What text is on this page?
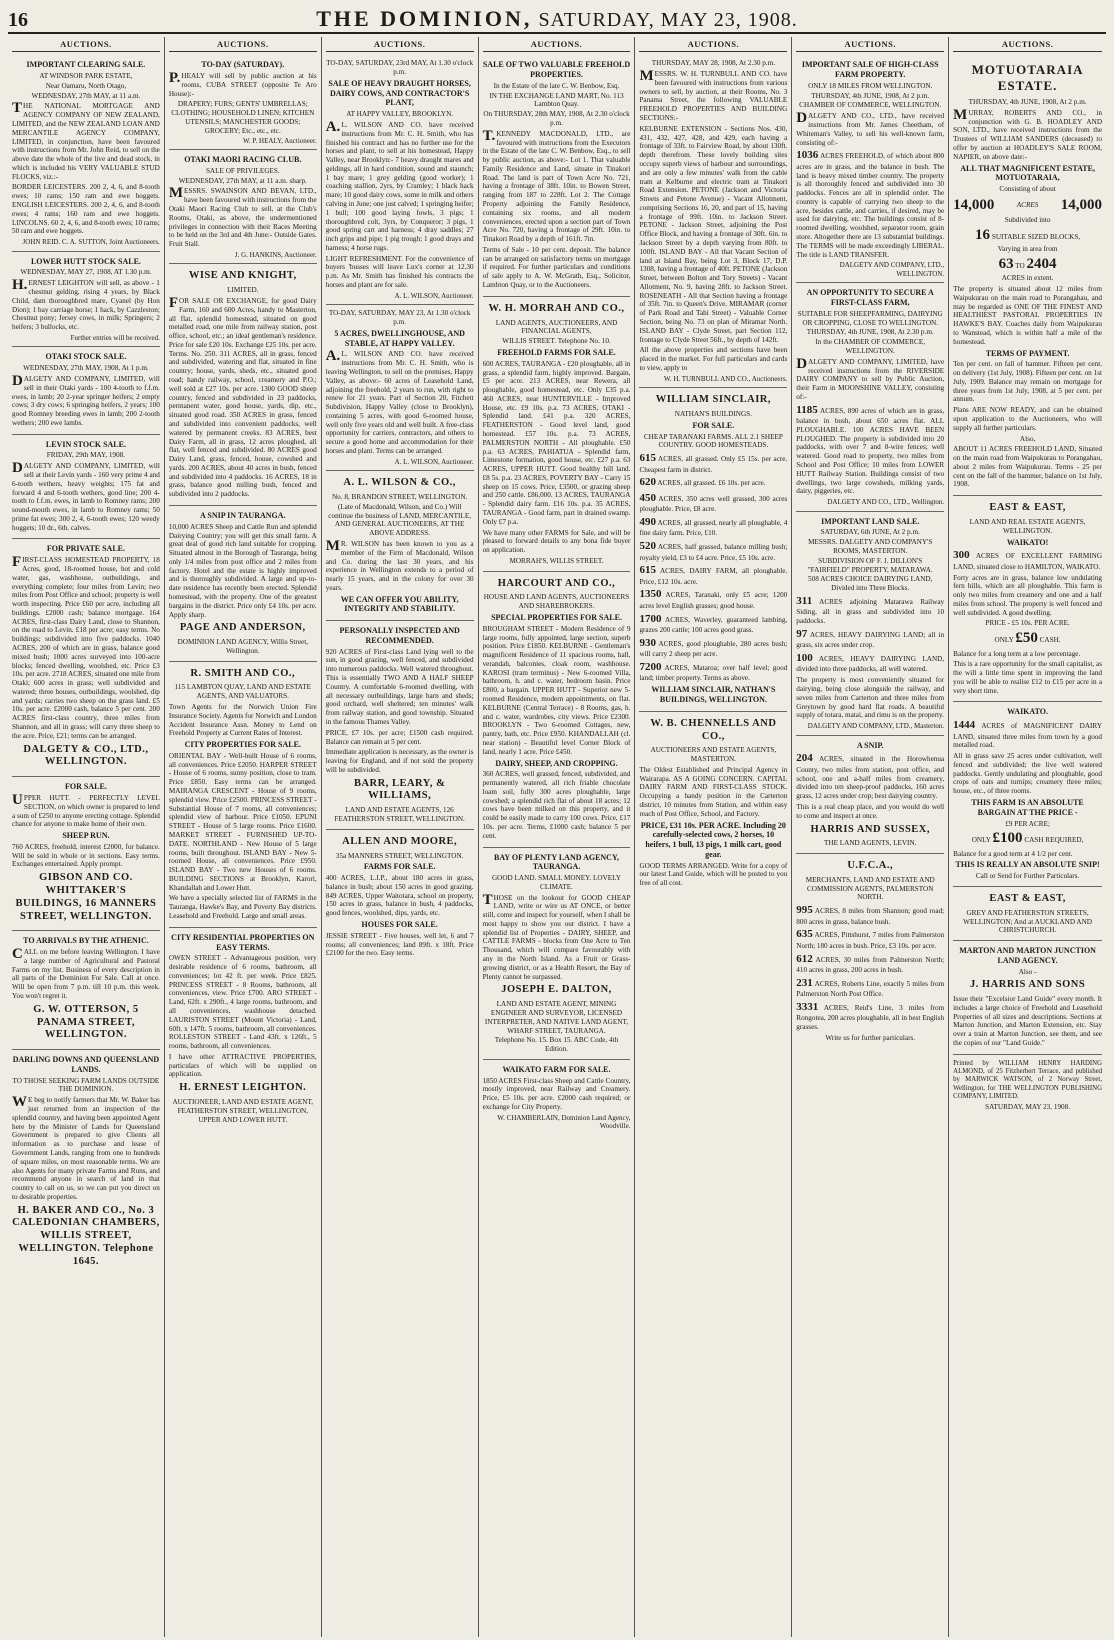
16	THE DOMINION, SATURDAY, MAY 23, 1908.
AUCTIONS.
IMPORTANT CLEARING SALE.
AT WINDSOR PARK ESTATE,
Near Oamaru, North Otago,
WEDNESDAY, 27th MAY, at 11 a.m.

THE NATIONAL MORTGAGE AND AGENCY COMPANY OF NEW ZEALAND, LIMITED, and the NEW ZEALAND LOAN AND MERCANTILE AGENCY COMPANY, LIMITED, in conjunction, have been favoured with instructions from Mr. John Reid, to sell on the above date the whole of the live and dead stock, in which is included his VERY VALUABLE STUD FLOCKS, viz.:-

BORDER LEICESTERS. 200 2, 4, 6, and 8-tooth ewes; 10 rams; 150 ram and ewe hoggets. ENGLISH LEICESTERS. 200 2, 4, 6, and 8-tooth ewes; 4 rams; 160 ram and ewe hoggets. LINCOLNS. 60 2, 4, 6, and 8-tooth ewes; 10 rams; 50 ram and ewe hoggets.

JOHN REID. C. A. SUTTON, Joint Auctioneers.
LOWER HUTT STOCK SALE.
WEDNESDAY, MAY 27, 1908, AT 1.30 p.m.

H.ERNEST LEIGHTON will sell, as above - 1 chestnut gelding, rising 4 years, by Black Child, dam thoroughbred mare, Cyanel (by Hon Dion); 1 bay carriage horse; 1 hack, by Cazzleston; Chestnut pony; Jersey cows, in milk; Springers; 2 heifers; 3 bullocks, etc.

Further entries will be received.
OTAKI STOCK SALE.
WEDNESDAY, 27th MAY, 1908, At 1 p.m.

DALGETY AND COMPANY, LIMITED, will sell in their Otaki yards - 100 4-tooth to f.f.m. ewes, in lamb; 20 2-year springer heifers; 2 empty cows; 3 dry cows; 6 springing heifers, 2 years; 100 good Romney breeding ewes in lamb; 200 2-tooth wethers; 200 ewe lambs.

LEVIN STOCK SALE.
FRIDAY, 29th MAY, 1908.

DALGETY AND COMPANY, LIMITED, will sell at their Levin yards - 160 very prime 4 and 6-tooth wethers, heavy weights; 175 fat and forward 4 and 6-tooth wethers, good line; 200 4-tooth to f.f.m. ewes, in lamb to Romney rams; 200 sound-mouth ewes, in lamb to Romney rams; 50 prime fat ewes; 300 2, 4, 6-tooth ewes; 120 weedy hoggets; 10 dr., 6th. calves.

FOR PRIVATE SALE.

FIRST-CLASS HOMESTEAD PROPERTY, 18 Acres, good, 18-roomed house, hot and cold water, gas, washhouse, outbuildings, and everything complete; four miles from Levin; two miles from Post Office and school; property is well worth inspecting. Price £60 per acre, including all buildings. £2000 cash; balance mortgage. 164 ACRES, first-class Dairy Land, close to Shannon, on the road to Levin. £18 per acre; easy terms. No buildings; subdivided into five paddocks. 1040 ACRES, 200 of which are in grass, balance good mixed bush; 1000 acres surveyed into 100-acre blocks; fenced dwelling, woolshed, etc. Price £3 10s. per acre. 2718 ACRES, situated one mile from Otaki; 600 acres in grass; well subdivided and watered; three houses, outbuildings, woolshed, dip and yards; carries two sheep on the grass land. £5 10s. per acre. £2000 cash, balance 5 per cent. 200 ACRES first-class country, three miles from Shannon, and all in grass; will carry three sheep to the acre. Price, £21; terms can be arranged.

DALGETY & CO., LTD., WELLINGTON.
FOR SALE.

UPPER HUTT. - PERFECTLY LEVEL SECTION, on which owner is prepared to lend a sum of £250 to anyone erecting cottage. Splendid chance for anyone to make home of their own.

SHEEP RUN.

760 ACRES, freehold, interest £2000, for balance. Will be sold in whole or in sections. Easy terms. Exchanges entertained. Apply prompt.

GIBSON AND CO. WHITTAKER'S BUILDINGS, 16 MANNERS STREET, WELLINGTON.
TO ARRIVALS BY THE ATHENIC.

CALL on me before leaving Wellington. I have a large number of Agricultural and Pastoral Farms on my list. Business of every description in all parts of the Dominion For Sale. Call at once. Will be open from 7 p.m. till 10 p.m. this week. You won't regret it.

G. W. OTTERSON, 5 PANAMA STREET, WELLINGTON.
DARLING DOWNS AND QUEENSLAND LANDS.
TO THOSE SEEKING FARM LANDS OUTSIDE THE DOMINION.

WE beg to notify farmers that Mr. W. Baker has just returned from an inspection of the splendid country, and having been appointed Agent here by the Minister of Lands for Queensland Government is prepared to give Clients all information as to purchase and lease of Government Lands, ranging from one to hundreds of square miles, on most reasonable terms. We are also Agents for many private Farms and Runs, and recommend anyone in search of land in that country to call on us, so we can put you direct on to desirable properties.

H. BAKER AND CO., No. 3 CALEDONIAN CHAMBERS, WILLIS STREET, WELLINGTON. Telephone 1645.
AUCTIONS.
TO-DAY (SATURDAY).

P.HEALY will sell by public auction at his rooms, CUBA STREET (opposite Te Aro House):-

DRAPERY; FURS; GENTS' UMBRELLAS; CLOTHING; HOUSEHOLD LINEN; KITCHEN UTENSILS; MANCHESTER GOODS; GROCERY; Etc., etc., etc.

W. P. HEALY, Auctioneer.
OTAKI MAORI RACING CLUB.
SALE OF PRIVILEGES.
WEDNESDAY, 27th MAY, at 11 a.m. sharp.

MESSRS. SWAINSON AND BEVAN, LTD., have been favoured with instructions from the Otaki Maori Racing Club to sell, at the Club's Rooms, Otaki, as above, the undermentioned privileges in connection with their Races Meeting to be held on the 3rd and 4th June:- Outside Gates. Fruit Stall.

J. G. HANKINS, Auctioneer.
WISE AND KNIGHT,
LIMITED.

FOR SALE OR EXCHANGE, for good Dairy Farm, 160 and 600 Acres, handy to Masterton, all flat, splendid homestead, situated on good metalled road, one mile from railway station, post office, school, etc.; an ideal gentleman's residence. Price for sale £20 10s. Exchange £25 10s. per acre. Terms. No. 250. 311 ACRES, all in grass, fenced and subdivided, watering and flat, situated in fine country; house, yards, sheds, etc., situated good road; handy railway, school, creamery and P.O.; well sold at £27 10s. per acre. 1300 GOOD sheep country, fenced and subdivided in 23 paddocks, permanent water, good house, yards, dip, etc., situated good road. 350 ACRES in grass, fenced and subdivided into convenient paddocks, well watered by permanent creeks. 83 ACRES, best Dairy Farm, all in grass, 12 acres ploughed, all flat, well fenced and subdivided. 80 ACRES good Dairy Land, grass, fenced, house, cowshed and yards. 200 ACRES, about 40 acres in bush, fenced and subdivided into 4 paddocks. 16 ACRES, 18 in grass, balance good milling bush, fenced and subdivided into 2 paddocks.

A SNIP IN TAURANGA.

10,000 ACRES Sheep and Cattle Run and splendid Dairying Country; you will get this small farm. A great deal of good rich land suitable for cropping. Situated almost in the Borough of Tauranga, being only 1/4 miles from post office and 2 miles from factory. Hotel and the estate is highly improved and is thoroughly subdivided. A large and up-to-date residence has recently been erected. Splendid homestead, with the property. One of the greatest bargains in the district. Price only £4 10s. per acre. Apply sharp.

PAGE AND ANDERSON,
DOMINION LAND AGENCY, Willis Street, Wellington.
R. SMITH AND CO.,
115 LAMBTON QUAY, LAND AND ESTATE AGENTS, AND VALUATORS.

Town Agents for the Norwich Union Fire Insurance Society. Agents for Norwich and London Accident Insurance Assn. Money to Lend on Freehold Property at Current Rates of Interest.

CITY PROPERTIES FOR SALE.

ORIENTAL BAY - Well-built House of 6 rooms, all conveniences. Price £2050. HARPER STREET - House of 6 rooms, sunny position, close to tram. Price £850. Easy terms can be arranged. MAIRANGA CRESCENT - House of 9 rooms, splendid view. Price £2500. PRINCESS STREET - Substantial House of 7 rooms, all conveniences; splendid view of harbour. Price £1050. EPUNI STREET - House of 5 large rooms. Price £1600. MARKET STREET - FURNISHED UP-TO-DATE. NORTHLAND - New House of 5 large rooms, built throughout. ISLAND BAY - New 5-roomed House, all conveniences. Price £950. ISLAND BAY - Two new Houses of 6 rooms. BUILDING SECTIONS at Brooklyn, Karori, Khandallah and Lower Hutt.

We have a specially selected list of FARMS in the Tauranga, Hawke's Bay, and Poverty Bay districts. Leasehold and Freehold. Large and small areas.

CITY RESIDENTIAL PROPERTIES ON EASY TERMS.

OWEN STREET - Advantageous position, very desirable residence of 6 rooms, bathroom, all conveniences; lot 42 ft. per week. Price £825. PRINCESS STREET - 8 Rooms, bathroom, all conveniences, view. Price £700. ARO STREET - Land, 62ft. x 290ft., 4 large rooms, bathroom, and all conveniences, washhouse detached. LAURISTON STREET (Mount Victoria) - Land, 60ft. x 147ft. 5 rooms, bathroom, all conveniences. ROLLESTON STREET - Land 43ft. x 126ft., 5 rooms, bathroom, all conveniences.

I have other ATTRACTIVE PROPERTIES, particulars of which will be supplied on application.

H. ERNEST LEIGHTON.
AUCTIONEER, LAND AND ESTATE AGENT, FEATHERSTON STREET, WELLINGTON, UPPER AND LOWER HUTT.
AUCTIONS.
TO-DAY, SATURDAY, 23rd MAY, At 1.30 o'clock p.m.
SALE OF HEAVY DRAUGHT HORSES, DAIRY COWS, AND CONTRACTOR'S PLANT,
AT HAPPY VALLEY, BROOKLYN.

A.L. WILSON AND CO. have received instructions from Mr. C. H. Smith, who has finished his contract and has no further use for the horses and plant, to sell at his homestead, Happy Valley, near Brooklyn:- 7 heavy draught mares and geldings, all in hard condition, sound and staunch; 1 bay mare; 1 grey gelding (good worker); 1 coaching stallion, 2yrs, by Cramley; 1 black hack mare; 10 good dairy cows, some in milk and others calving in June; one just calved; 1 springing heifer; 1 bull; 100 good laying fowls, 3 pigs; 1 thoroughbred colt, 3yrs, by Conqueror; 3 pigs, 1 good spring cart and harness; 4 dray saddles; 27 inch grips and pipe; 1 pig trough; 1 good drays and harness; 4 horse rugs.

LIGHT REFRESHMENT. For the convenience of buyers 'busses will leave Lux's corner at 12.30 p.m. As Mr. Smith has finished his contracts the horses and plant are for sale.

A. L. WILSON, Auctioneer.
TO-DAY, SATURDAY, MAY 23, At 1.30 o'clock p.m.
5 ACRES, DWELLINGHOUSE, AND STABLE, AT HAPPY VALLEY.

A.L. WILSON AND CO. have received instructions from Mr. C. H. Smith, who is leaving Wellington, to sell on the premises, Happy Valley, as above:- 60 acres of Leasehold Land, adjoining the freehold, 2 years to run, with right to renew for 21 years. Part of Section 20, Fitchett Subdivision, Happy Valley (close to Brooklyn), containing 5 acres, with good 6-roomed house, well only five years old and well built. A free-class opportunity for carriers, contractors, and others to secure a good home and accommodation for their horses and plant. Terms can be arranged.

A. L. WILSON, Auctioneer.
A. L. WILSON & CO.,
No. 8, BRANDON STREET, WELLINGTON.

(Late of Macdonald, Wilson, and Co.) Will continue the business of LAND, MERCANTILE, AND GENERAL AUCTIONEERS, AT THE ABOVE ADDRESS.

MR. WILSON has been known to you as a member of the Firm of Macdonald, Wilson and Co. during the last 30 years, and his experience in Wellington extends to a period of nearly 15 years, and in the colony for over 30 years.

WE CAN OFFER YOU ABILITY, INTEGRITY AND STABILITY.
PERSONALLY INSPECTED AND RECOMMENDED.

920 ACRES of First-class Land lying well to the sun, in good grazing, well fenced, and subdivided into numerous paddocks. Well watered throughout. This is essentially TWO AND A HALF SHEEP Country. A comfortable 6-roomed dwelling, with all necessary outbuildings, large barn and sheds; good orchard, well sheltered; ten minutes' walk from railway station, and good township. Situated in the famous Thames Valley.

PRICE, £7 10s. per acre; £1500 cash required. Balance can remain at 5 per cent.

Immediate application is necessary, as the owner is leaving for England, and if not sold the property will be subdivided.

BARR, LEARY, & WILLIAMS,
LAND AND ESTATE AGENTS, 126 FEATHERSTON STREET, WELLINGTON.
ALLEN AND MOORE,
35a MANNERS STREET, WELLINGTON.
FARMS FOR SALE.

400 ACRES, L.I.P., about 180 acres in grass, balance in bush; about 150 acres in good grazing. 849 ACRES, Upper Waitotara, school on property, 150 acres in grass, balance in bush, 4 paddocks, good fences, woolshed, dips, yards, etc.

HOUSES FOR SALE.

JESSIE STREET - Five houses, well let, 6 and 7 rooms; all conveniences; land 89ft. x 18ft. Price £2100 for the two. Easy terms.

AUCTIONS.
SALE OF TWO VALUABLE FREEHOLD PROPERTIES.
In the Estate of the late C. W. Benbow, Esq.
IN THE EXCHANGE LAND MART, No. 113 Lambton Quay.
On THURSDAY, 28th MAY, 1908, At 2.30 o'clock p.m.

T.KENNEDY MACDONALD, LTD., are favoured with instructions from the Executors in the Estate of the late C. W. Benbow, Esq., to sell by public auction, as above:- Lot 1. That valuable Family Residence and Land, situate in Tinakori Road. The land is part of Town Acre No. 721, having a frontage of 38ft. 10in. to Bowen Street, ranging from 187 to 228ft. Lot 2. The Cottage Property adjoining the Family Residence, containing six rooms, and all modern conveniences, erected upon a section part of Town Acre No. 720, having a frontage of 29ft. 10in. to Tinakori Road by a depth of 161ft. 7in.

Terms of Sale - 10 per cent. deposit. The balance can be arranged on satisfactory terms on mortgage if required. For further particulars and conditions of sale apply to A. W. McGrath, Esq., Solicitor, Lambton Quay, or to the Auctioneers.

W. H. MORRAH AND CO.,
LAND AGENTS, AUCTIONEERS, AND FINANCIAL AGENTS,
WILLIS STREET. Telephone No. 10.
FREEHOLD FARMS FOR SALE.

600 ACRES, TAURANGA - £20 ploughable, all in grass, a splendid farm, highly improved. Bargain, £5 per acre. 213 ACRES, near Rewera, all ploughable, good homestead, etc. Only £35 p.a. 460 ACRES, near HUNTERVILLE - Improved House, etc. £9 10s. p.a. 73 ACRES, OTAKI - Splendid land. £41 p.a. 320 ACRES, FEATHERSTON - Good level land, good homestead. £57 10s. p.a. 73 ACRES, PALMERSTON NORTH - All ploughable. £50 p.a. 63 ACRES, PAHIATUA - Splendid farm, Limestone formation, good house, etc. £27 p.a. 63 ACRES, UPPER HUTT. Good healthy hill land. £8 5s. p.a. 23 ACRES, POVERTY BAY - Carry 15 sheep on 15 cows. Price, £3500, or grazing sheep and 250 cattle. £86,000. 13 ACRES, TAURANGA - Splendid dairy farm. £16 10s. p.a. 35 ACRES, TAURANGA - Good farm, part in drained swamp. Only £7 p.a.

We have many other FARMS for Sale, and will be pleased to forward details to any bona fide buyer on application.

MORRAH'S, WILLIS STREET.
HARCOURT AND CO.,
HOUSE AND LAND AGENTS, AUCTIONEERS AND SHAREBROKERS.
SPECIAL PROPERTIES FOR SALE.

BROUGHAM STREET - Modern Residence of 9 large rooms, fully appointed, large section, superb position. Price £1850. KELBURNE - Gentleman's magnificent Residence of 11 spacious rooms, hall, verandah, balconies, cloak room, washhouse. KAROSI (tram terminus) - New 6-roomed Villa, bathroom, h. and c. water, bedroom basin. Price £800, a bargain. UPPER HUTT - Superior new 5-roomed Residence, modern appointments, on flat. KELBURNE (Central Terrace) - 8 Rooms, gas, h. and c. water, wardrobes, city views. Price £2300. BROOKLYN - Two 6-roomed Cottages, new, pantry, bath, etc. Price £950. KHANDALLAH (cl. near station) - Beautiful level Corner Block of land, nearly 1 acre. Price £450.

DAIRY, SHEEP, AND CROPPING.

360 ACRES, well grassed, fenced, subdivided, and permanently watered, all rich friable chocolate loam soil, fully 300 acres ploughable, large cowshed; a splendid rich flat of about 18 acres; 12 cows have been milked on this property, and it could be easily made to carry 100 cows. Price, £17 10s. per acre. Terms, £1000 cash; balance 5 per cent.

BAY OF PLENTY LAND AGENCY, TAURANGA.
GOOD LAND. SMALL MONEY. LOVELY CLIMATE.

THOSE on the lookout for GOOD CHEAP LAND, write or wire us AT ONCE, or better still, come and inspect for yourself, when I shall be most happy to show you our district. I have a splendid list of Properties - DAIRY, SHEEP, and CATTLE FARMS - blocks from One Acre to Ten Thousand, which will compare favourably with any in the North Island. As a Fruit or Grass-growing district, or as a Health Resort, the Bay of Plenty cannot be surpassed.

JOSEPH E. DALTON,
LAND AND ESTATE AGENT, MINING ENGINEER AND SURVEYOR, LICENSED INTERPRETER, AND NATIVE LAND AGENT, WHARF STREET, TAURANGA.
Telephone No. 15. Box 15. ABC Code, 4th Edition.
WAIKATO FARM FOR SALE.

1850 ACRES First-class Sheep and Cattle Country, mostly improved, near Railway and Creamery. Price, £5 10s. per acre. £2000 cash required; or exchange for City Property.

W. CHAMBERLAIN, Dominion Land Agency, Woodville.
AUCTIONS.
THURSDAY, MAY 28, 1908, At 2.30 p.m.

MESSRS. W. H. TURNBULL AND CO. have been favoured with instructions from various owners to sell, by auction, at their Rooms, No. 3 Panama Street, the following VALUABLE FREEHOLD PROPERTIES AND BUILDING SECTIONS:-

KELBURNE EXTENSION - Sections Nos. 430, 431, 432, 427, 428, and 429, each having a frontage of 33ft. to Fairview Road, by about 130ft. depth therefrom. These lovely building sites occupy superb views of harbour and surroundings, and are only a few minutes' walk from the cable tram at Kelburne and electric tram at Tinakori Road Extension. PETONE (Jackson and Victoria Streets and Petone Avenue) - Vacant Allotment, comprising Sections 16, 20, and part of 15, having a frontage of 99ft. 10in. to Jackson Street. PETONE - Jackson Street, adjoining the Post Office Block, and having a frontage of 30ft. 6in. to Jackson Street by a depth varying from 80ft. to 100ft. ISLAND BAY - All that Vacant Section of land at Island Bay, being Lot 3, Block 17, D.P. 1308, having a frontage of 40ft. PETONE (Jackson Street, between Bolton and Tory Streets) - Vacant Allotment, No. 9, having 28ft. to Jackson Street. ROSENEATH - All that Section having a frontage of 35ft. 7in. to Queen's Drive. MIRAMAR (corner of Park Road and Tahi Street) - Valuable Corner Section, being No. 73 on plan of Miramar North. ISLAND BAY - Clyde Street, part Section 112, frontage to Clyde Street 56ft., by depth of 142ft.

All the above properties and sections have been placed in the market. For full particulars and cards to view, apply to

W. H. TURNBULL AND CO., Auctioneers.
WILLIAM SINCLAIR,
NATHAN'S BUILDINGS.
FOR SALE.
CHEAP TARANAKI FARMS. ALL 2.1 SHEEP COUNTRY. GOOD HOMESTEADS.
615 ACRES, all grassed. Only £5 15s. per acre. Cheapest farm in district.
620 ACRES, all grassed. £6 10s. per acre.
450 ACRES, 350 acres well grassed, 300 acres ploughable. Price, £8 acre.
490 ACRES, all grassed, nearly all ploughable, 4 fine dairy farm. Price, £10.
520 ACRES, half grassed, balance milling bush; royalty yield, £3 to £4 acre. Price, £5 10s. acre.
615 ACRES, DAIRY FARM, all ploughable. Price, £12 10s. acre.
1350 ACRES, Taranaki, only £5 acre; 1200 acres level English grasses; good house.
1700 ACRES, Waverley, guaranteed lambing, grazes 200 cattle; 100 acres good grass.
930 ACRES, good ploughable, 280 acres bush; will carry 2 sheep per acre.
7200 ACRES, Mataroa; over half level; good land; timber property. Terms as above.
WILLIAM SINCLAIR, NATHAN'S BUILDINGS, WELLINGTON.
W. B. CHENNELLS AND CO.,
AUCTIONEERS AND ESTATE AGENTS, MASTERTON.

The Oldest Established and Principal Agency in Wairarapa. AS A GOING CONCERN. CAPITAL DAIRY FARM AND FIRST-CLASS STOCK. Occupying a handy position in the Carterton district, 10 minutes from Station, and within easy reach of Post Office, School, and Factory.

PRICE, £31 10s. PER ACRE. Including 20 carefully-selected cows, 2 horses, 10 heifers, 1 bull, 13 pigs, 1 milk cart, good gear.

GOOD TERMS ARRANGED. Write for a copy of our latest Land Guide, which will be posted to you free of all cost.

AUCTIONS.
IMPORTANT SALE OF HIGH-CLASS FARM PROPERTY.
ONLY 18 MILES FROM WELLINGTON.
THURSDAY, 4th JUNE, 1908, At 2 p.m.
CHAMBER OF COMMERCE, WELLINGTON.

DALGETY AND CO., LTD., have received instructions from Mr. James Cheetham, of Whiteman's Valley, to sell his well-known farm, consisting of:-

1036 ACRES FREEHOLD, of which about 800 acres are in grass, and the balance in bush. The land is heavy mixed timber country. The property is all thoroughly fenced and subdivided into 30 paddocks. Fences are all in splendid order. The country is capable of carrying two sheep to the acre, besides cattle, and carries, if desired, may be used for dairying, etc. The buildings consist of 8-roomed dwelling, woolshed, separator room, grain store. Altogether there are 13 substantial buildings. The TERMS will be made exceedingly LIBERAL. The title is LAND TRANSFER.
DALGETY AND COMPANY, LTD., WELLINGTON.
AN OPPORTUNITY TO SECURE A FIRST-CLASS FARM,
SUITABLE FOR SHEEPFARMING, DAIRYING OR CROPPING, CLOSE TO WELLINGTON.
THURSDAY, 4th JUNE, 1908, At 2.30 p.m.
In the CHAMBER OF COMMERCE, WELLINGTON.

DALGETY AND COMPANY, LIMITED, have received instructions from the RIVERSIDE DAIRY COMPANY to sell by Public Auction, their Farm in MOONSHINE VALLEY, consisting of:-

1185 ACRES, 890 acres of which are in grass, balance in bush, about 650 acres flat. ALL PLOUGHABLE. 100 ACRES HAVE BEEN PLOUGHED. The property is subdivided into 20 paddocks, with over 7 and 8-wire fences; well watered. Good road to property, two miles from School and Post Office; 10 miles from LOWER HUTT Railway Station. Buildings consist of two dwellings, two large cowsheds, milking yards, dairy, piggeries, etc.
DALGETY AND CO., LTD., Wellington.
IMPORTANT LAND SALE.
SATURDAY, 6th JUNE, At 2 p.m.
MESSRS. DALGETY AND COMPANY'S ROOMS, MASTERTON.
SUBDIVISION OF F. J. DILLON'S "FAIRFIELD" PROPERTY, MATARAWA.
508 ACRES CHOICE DAIRYING LAND, Divided into Three Blocks.
311 ACRES adjoining Matarawa Railway Siding, all in grass and subdivided into 10 paddocks.
97 ACRES, HEAVY DAIRYING LAND; all in grass, six acres under crop.
100 ACRES, HEAVY DAIRYING LAND, divided into three paddocks, all well watered.

The property is most conveniently situated for dairying, being close alongside the railway, and seven miles from Carterton and three miles from Greytown by good hard flat roads. A beautiful supply of totara, matai, and rimu is on the property.

DALGETY AND COMPANY, LTD., Masterton.
A SNIP.
204 ACRES, situated in the Horowhenua County, two miles from station, post office, and school, one and a-half miles from creamery, divided into ten sheep-proof paddocks, 160 acres grass, 12 acres under crop; best dairying country.

This is a real cheap place, and you would do well to come and inspect at once.

HARRIS AND SUSSEX,
THE LAND AGENTS, LEVIN.
U.F.C.A.,
MERCHANTS, LAND AND ESTATE AND COMMISSION AGENTS, PALMERSTON NORTH.
995 ACRES, 8 miles from Shannon; good road; 800 acres in grass, balance bush.
635 ACRES, Pittshurst, 7 miles from Palmerston North; 180 acres in bush. Price, £3 10s. per acre.
612 ACRES, 30 miles from Palmerston North; 410 acres in grass, 200 acres in bush.
231 ACRES, Roberts Line, exactly 5 miles from Palmerston North Post Office.
3331 ACRES, Reid's Line, 3 miles from Rongotea, 200 acres ploughable, all in best English grasses.
Write us for further particulars.
AUCTIONS.
MOTUOTARAIA ESTATE.
THURSDAY, 4th JUNE, 1908, At 2 p.m.

MURRAY, ROBERTS AND CO., in conjunction with G. B. HOADLEY AND SON, LTD., have received instructions from the Trustees of WILLIAM SANDERS (deceased) to offer by auction at HOADLEY'S SALE ROOM, NAPIER, on above date:-

ALL THAT MAGNIFICENT ESTATE, MOTUOTARAIA,
Consisting of about
14,000	ACRES 14,000
Subdivided into
16 SUITABLE SIZED BLOCKS,
Varying in area from
63 TO 2404
ACRES in extent.

The property is situated about 12 miles from Waipukurau on the main road to Porangahau, and may be regarded as ONE OF THE FINEST AND HEALTHIEST PASTORAL PROPERTIES IN HAWKE'S BAY. Coaches daily from Waipukurau to Wanstead, which is within half a mile of the homestead.

TERMS OF PAYMENT.

Ten per cent. on fall of hammer. Fifteen per cent. on delivery (1st July, 1908). Fifteen per cent. on 1st July, 1909. Balance may remain on mortgage for three years from 1st July, 1908, at 5 per cent. per annum.

Plans ARE NOW READY, and can be obtained upon application to the Auctioneers, who will supply all further particulars.

Also,

ABOUT 11 ACRES FREEHOLD LAND, Situated on the main road from Waipukurau to Porangahau, about 2 miles from Waipukurau. Terms - 25 per cent on the fall of the hammer, balance on 1st July, 1908.

EAST & EAST,
LAND AND REAL ESTATE AGENTS, WELLINGTON.
WAIKATO!
300 ACRES OF EXCELLENT FARMING LAND, situated close to HAMILTON, WAIKATO.

Forty acres are in grass, balance low undulating fern hills, which are all ploughable. This farm is only two miles from creamery and one and a half miles from school. The property is well fenced and well subdivided. A good dwelling.

PRICE - £5 10s. PER ACRE.
ONLY £50 CASH.

Balance for a long term at a low percentage.

This is a rare opportunity for the small capitalist, as the will a little time spent in improving the land you will be able to realise £12 to £15 per acre in a very short time.

WAIKATO.
1444 ACRES of MAGNIFICENT DAIRY LAND, situated three miles from town by a good metalled road.

All in grass save 25 acres under cultivation, well fenced and subdivided; the live well watered paddocks. Gently undulating and ploughable, good crops of oats and turnips; creamery three miles; house, etc., of three rooms.

THIS FARM IS AN ABSOLUTE BARGAIN AT THE PRICE -
£9 PER ACRE;
ONLY £100 CASH REQUIRED,

Balance for a good term at 4 1/2 per cent.

THIS IS REALLY AN ABSOLUTE SNIP!
Call or Send for Further Particulars.
EAST & EAST,
GREY AND FEATHERSTON STREETS, WELLINGTON; And at AUCKLAND AND CHRISTCHURCH.
MARTON AND MARTON JUNCTION LAND AGENCY.
Also -
J. HARRIS AND SONS

Issue their "Excelsior Land Guide" every month. It includes a large choice of Freehold and Leasehold Properties of all sizes and descriptions. Sections at Marton Junction, and Marton Extension, etc. Stay over a train at Marton Junction, see them, and see the copies of our "Land Guide."

Printed by WILLIAM HENRY HARDING ALMOND, of 25 Fitzherbert Terrace, and published by MARWICK WATSON, of 2 Norway Street, Wellington, for THE WELLINGTON PUBLISHING COMPANY, LIMITED.

SATURDAY, MAY 23, 1908.
